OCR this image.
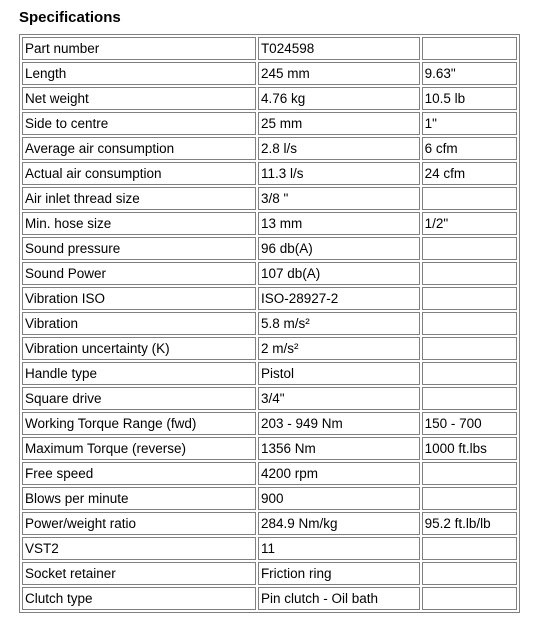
Specifications
Part number	T024598	
Length	245 mm	9.63"
Net weight	4.76 kg	10.5 lb
Side to centre	25 mm	1"
Average air consumption	2.8 l/s	6 cfm
Actual air consumption	11.3 l/s	24 cfm
Air inlet thread size	3/8 "	
Min. hose size	13 mm	1/2"
Sound pressure	96 db(A)	
Sound Power	107 db(A)	
Vibration ISO	ISO-28927-2	
Vibration	5.8 m/s²	
Vibration uncertainty (K)	2 m/s²	
Handle type	Pistol	
Square drive	3/4"	
Working Torque Range (fwd)	203 - 949 Nm	150 - 700
Maximum Torque (reverse)	1356 Nm	1000 ft.lbs
Free speed	4200 rpm	
Blows per minute	900	
Power/weight ratio	284.9 Nm/kg	95.2 ft.lb/lb
VST2	11	
Socket retainer	Friction ring	
Clutch type	Pin clutch - Oil bath	
